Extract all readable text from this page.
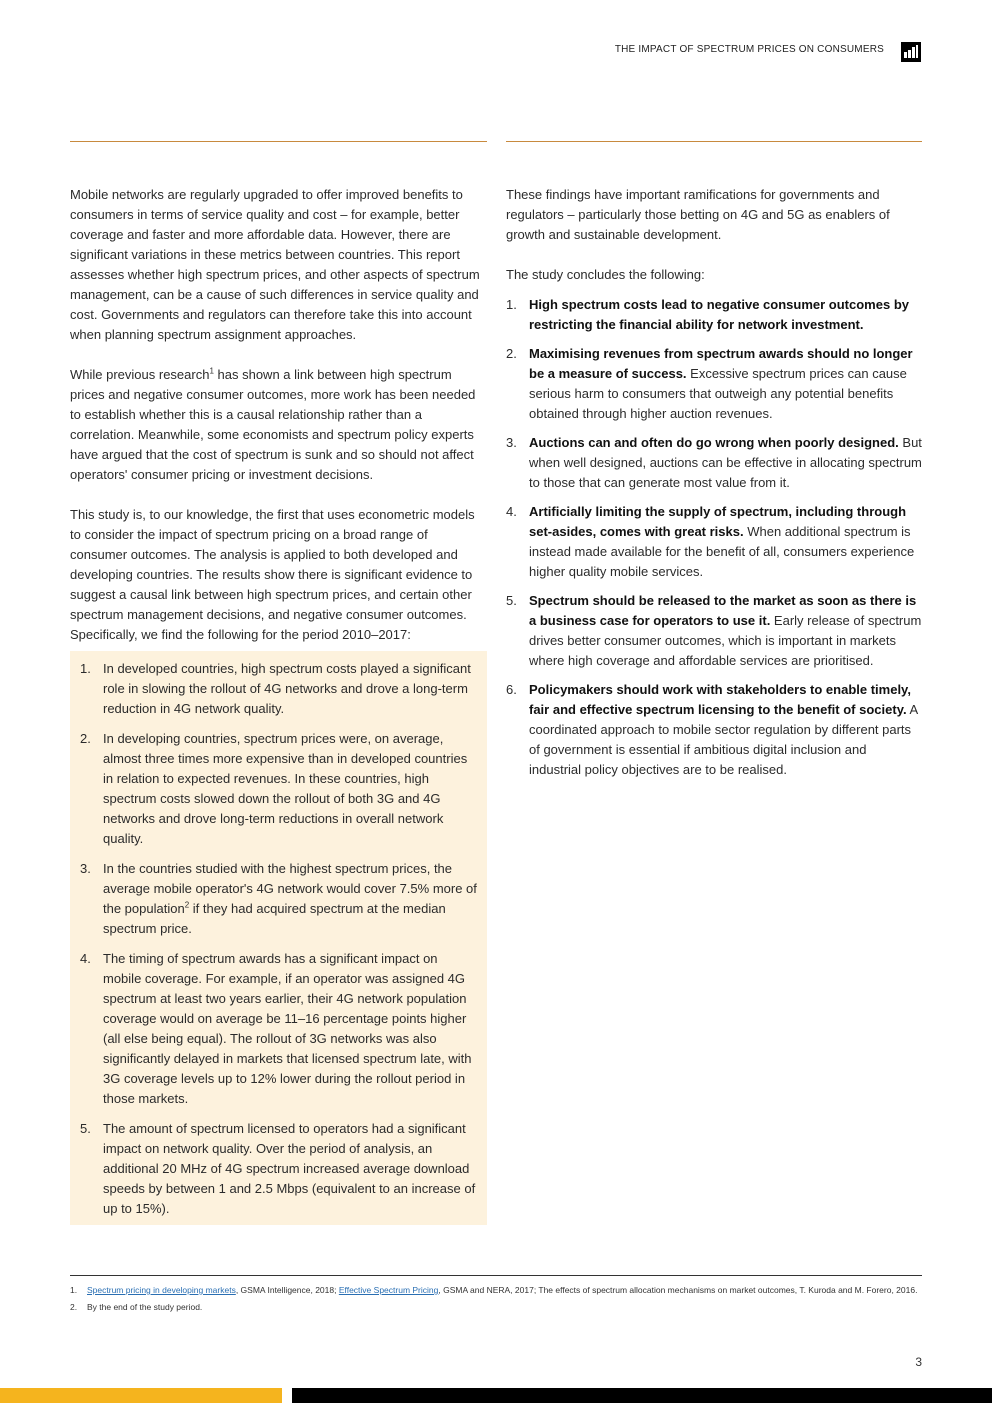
THE IMPACT OF SPECTRUM PRICES ON CONSUMERS

Mobile networks are regularly upgraded to offer improved benefits to consumers in terms of service quality and cost – for example, better coverage and faster and more affordable data. However, there are significant variations in these metrics between countries. This report assesses whether high spectrum prices, and other aspects of spectrum management, can be a cause of such differences in service quality and cost. Governments and regulators can therefore take this into account when planning spectrum assignment approaches.

While previous research$^1$ has shown a link between high spectrum prices and negative consumer outcomes, more work has been needed to establish whether this is a causal relationship rather than a correlation. Meanwhile, some economists and spectrum policy experts have argued that the cost of spectrum is sunk and so should not affect operators' consumer pricing or investment decisions.

This study is, to our knowledge, the first that uses econometric models to consider the impact of spectrum pricing on a broad range of consumer outcomes. The analysis is applied to both developed and developing countries. The results show there is significant evidence to suggest a causal link between high spectrum prices, and certain other spectrum management decisions, and negative consumer outcomes. Specifically, we find the following for the period 2010–2017:

1. In developed countries, high spectrum costs played a significant role in slowing the rollout of 4G networks and drove a long-term reduction in 4G network quality.
2. In developing countries, spectrum prices were, on average, almost three times more expensive than in developed countries in relation to expected revenues. In these countries, high spectrum costs slowed down the rollout of both 3G and 4G networks and drove long-term reductions in overall network quality.
3. In the countries studied with the highest spectrum prices, the average mobile operator's 4G network would cover 7.5% more of the population$^2$ if they had acquired spectrum at the median spectrum price.
4. The timing of spectrum awards has a significant impact on mobile coverage. For example, if an operator was assigned 4G spectrum at least two years earlier, their 4G network population coverage would on average be 11–16 percentage points higher (all else being equal). The rollout of 3G networks was also significantly delayed in markets that licensed spectrum late, with 3G coverage levels up to 12% lower during the rollout period in those markets.
5. The amount of spectrum licensed to operators had a significant impact on network quality. Over the period of analysis, an additional 20 MHz of 4G spectrum increased average download speeds by between 1 and 2.5 Mbps (equivalent to an increase of up to 15%).

These findings have important ramifications for governments and regulators – particularly those betting on 4G and 5G as enablers of growth and sustainable development.

The study concludes the following:

1. High spectrum costs lead to negative consumer outcomes by restricting the financial ability for network investment.
2. Maximising revenues from spectrum awards should no longer be a measure of success. Excessive spectrum prices can cause serious harm to consumers that outweigh any potential benefits obtained through higher auction revenues.
3. Auctions can and often do go wrong when poorly designed. But when well designed, auctions can be effective in allocating spectrum to those that can generate most value from it.
4. Artificially limiting the supply of spectrum, including through set-asides, comes with great risks. When additional spectrum is instead made available for the benefit of all, consumers experience higher quality mobile services.
5. Spectrum should be released to the market as soon as there is a business case for operators to use it. Early release of spectrum drives better consumer outcomes, which is important in markets where high coverage and affordable services are prioritised.
6. Policymakers should work with stakeholders to enable timely, fair and effective spectrum licensing to the benefit of society. A coordinated approach to mobile sector regulation by different parts of government is essential if ambitious digital inclusion and industrial policy objectives are to be realised.
1.	Spectrum pricing in developing markets, GSMA Intelligence, 2018; Effective Spectrum Pricing, GSMA and NERA, 2017; The effects of spectrum allocation mechanisms on market outcomes, T. Kuroda and M. Forero, 2016.
2.	By the end of the study period.
3
